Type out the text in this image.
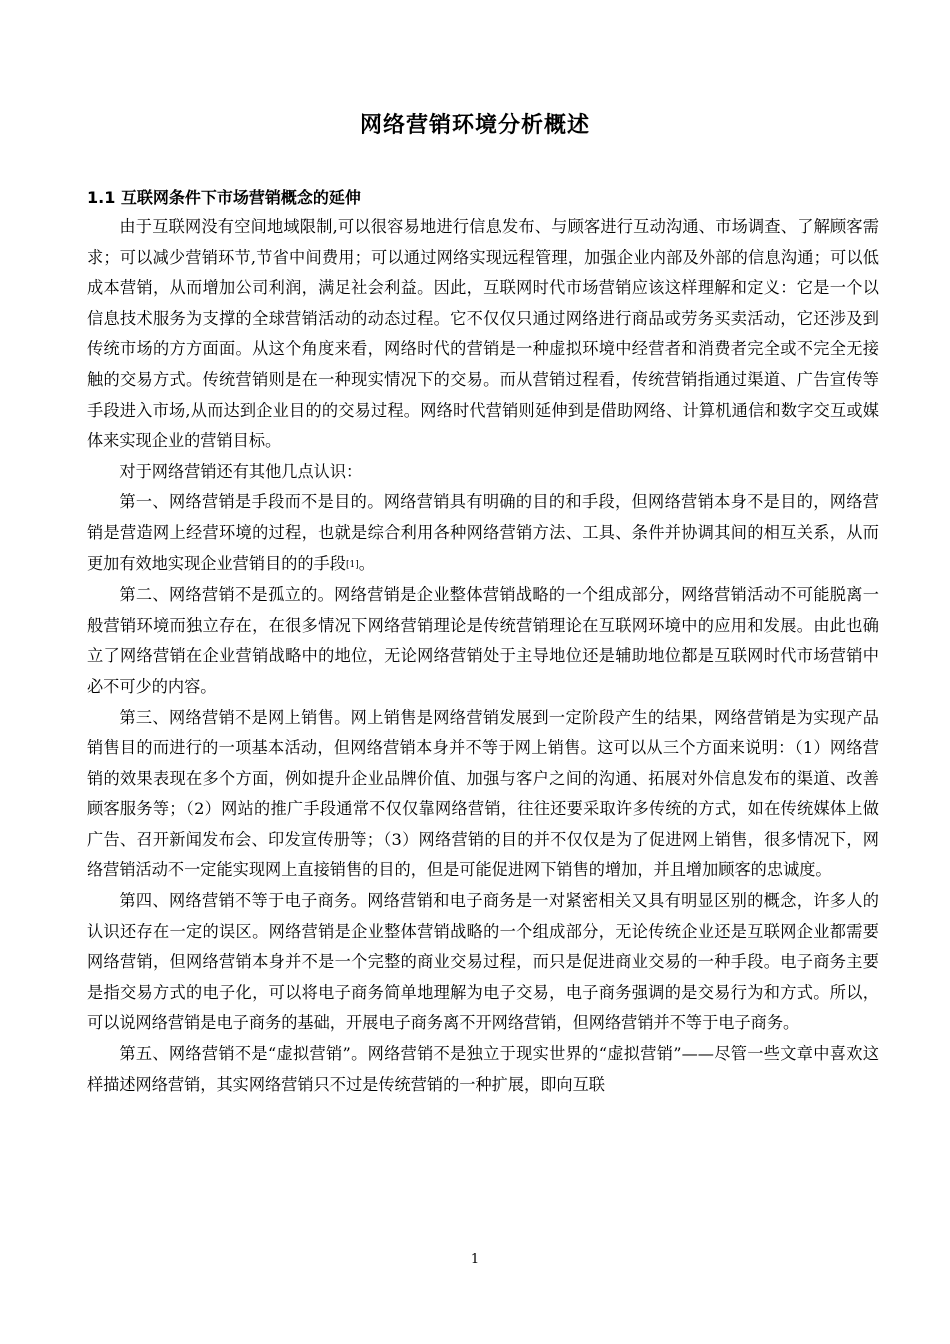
网络营销环境分析概述
1.1 互联网条件下市场营销概念的延伸

由于互联网没有空间地域限制,可以很容易地进行信息发布、与顾客进行互动沟通、市场调查、了解顾客需求；可以减少营销环节,节省中间费用；可以通过网络实现远程管理，加强企业内部及外部的信息沟通；可以低成本营销，从而增加公司利润，满足社会利益。因此，互联网时代市场营销应该这样理解和定义：它是一个以信息技术服务为支撑的全球营销活动的动态过程。它不仅仅只通过网络进行商品或劳务买卖活动，它还涉及到传统市场的方方面面。从这个角度来看，网络时代的营销是一种虚拟环境中经营者和消费者完全或不完全无接触的交易方式。传统营销则是在一种现实情况下的交易。而从营销过程看，传统营销指通过渠道、广告宣传等手段进入市场,从而达到企业目的的交易过程。网络时代营销则延伸到是借助网络、计算机通信和数字交互或媒体来实现企业的营销目标。

对于网络营销还有其他几点认识：

第一、网络营销是手段而不是目的。网络营销具有明确的目的和手段，但网络营销本身不是目的，网络营销是营造网上经营环境的过程，也就是综合利用各种网络营销方法、工具、条件并协调其间的相互关系，从而更加有效地实现企业营销目的的手段[1]。

第二、网络营销不是孤立的。网络营销是企业整体营销战略的一个组成部分，网络营销活动不可能脱离一般营销环境而独立存在，在很多情况下网络营销理论是传统营销理论在互联网环境中的应用和发展。由此也确立了网络营销在企业营销战略中的地位，无论网络营销处于主导地位还是辅助地位都是互联网时代市场营销中必不可少的内容。

第三、网络营销不是网上销售。网上销售是网络营销发展到一定阶段产生的结果，网络营销是为实现产品销售目的而进行的一项基本活动，但网络营销本身并不等于网上销售。这可以从三个方面来说明：（1）网络营销的效果表现在多个方面，例如提升企业品牌价值、加强与客户之间的沟通、拓展对外信息发布的渠道、改善顾客服务等；（2）网站的推广手段通常不仅仅靠网络营销，往往还要采取许多传统的方式，如在传统媒体上做广告、召开新闻发布会、印发宣传册等；（3）网络营销的目的并不仅仅是为了促进网上销售，很多情况下，网络营销活动不一定能实现网上直接销售的目的，但是可能促进网下销售的增加，并且增加顾客的忠诚度。

第四、网络营销不等于电子商务。网络营销和电子商务是一对紧密相关又具有明显区别的概念，许多人的认识还存在一定的误区。网络营销是企业整体营销战略的一个组成部分，无论传统企业还是互联网企业都需要网络营销，但网络营销本身并不是一个完整的商业交易过程，而只是促进商业交易的一种手段。电子商务主要是指交易方式的电子化，可以将电子商务简单地理解为电子交易，电子商务强调的是交易行为和方式。所以，可以说网络营销是电子商务的基础，开展电子商务离不开网络营销，但网络营销并不等于电子商务。

第五、网络营销不是“虚拟营销”。网络营销不是独立于现实世界的“虚拟营销”——尽管一些文章中喜欢这样描述网络营销，其实网络营销只不过是传统营销的一种扩展，即向互联

1
